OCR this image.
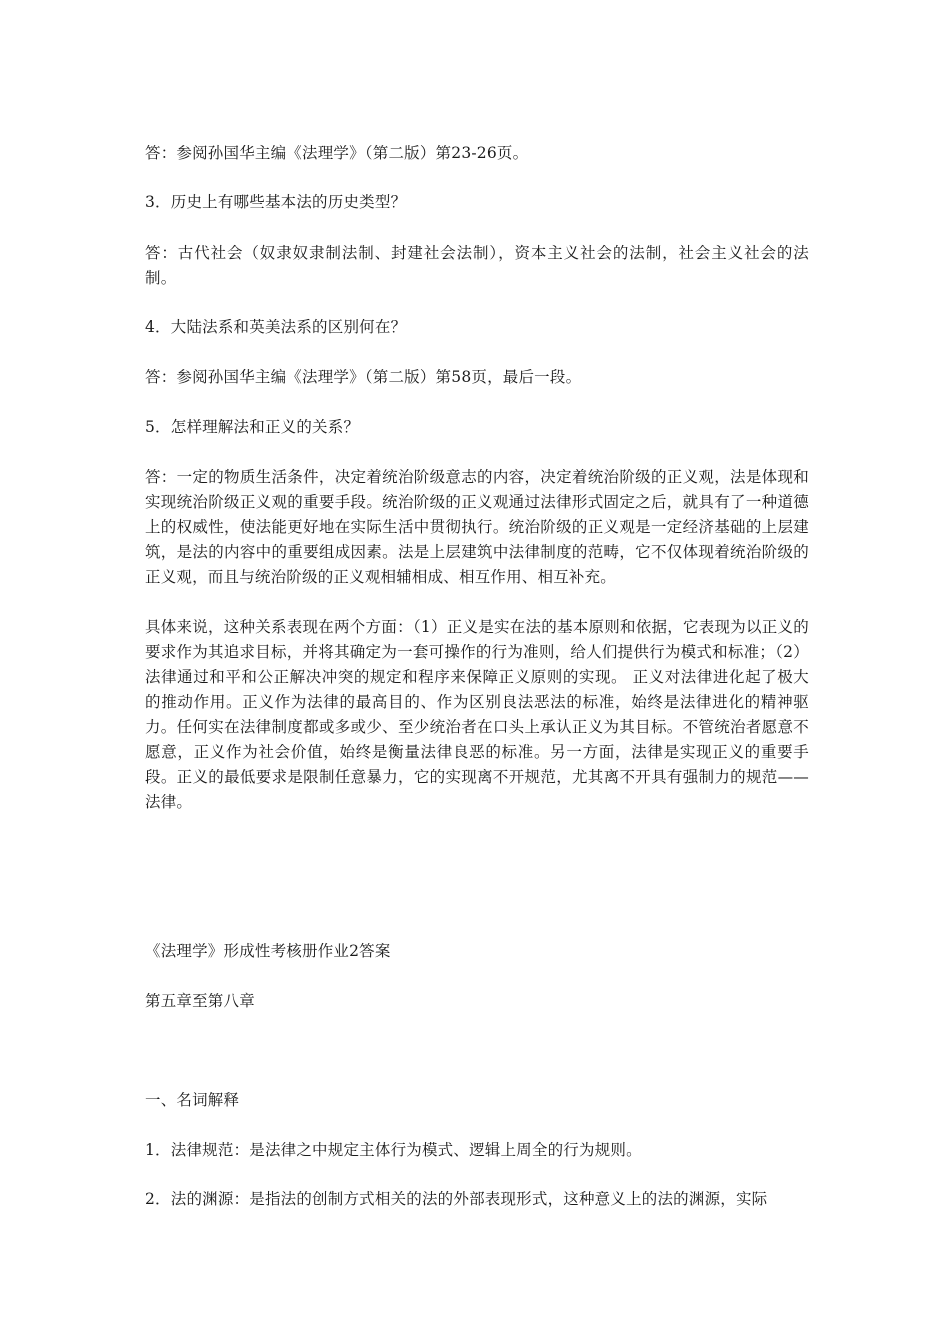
答：参阅孙国华主编《法理学》（第二版）第23-26页。

3．历史上有哪些基本法的历史类型？

答：古代社会（奴隶奴隶制法制、封建社会法制），资本主义社会的法制，社会主义社会的法制。

4．大陆法系和英美法系的区别何在？

答：参阅孙国华主编《法理学》（第二版）第58页，最后一段。

5．怎样理解法和正义的关系？

答：一定的物质生活条件，决定着统治阶级意志的内容，决定着统治阶级的正义观，法是体现和实现统治阶级正义观的重要手段。统治阶级的正义观通过法律形式固定之后，就具有了一种道德上的权威性，使法能更好地在实际生活中贯彻执行。统治阶级的正义观是一定经济基础的上层建筑，是法的内容中的重要组成因素。法是上层建筑中法律制度的范畴，它不仅体现着统治阶级的正义观，而且与统治阶级的正义观相辅相成、相互作用、相互补充。

具体来说，这种关系表现在两个方面：（1）正义是实在法的基本原则和依据，它表现为以正义的要求作为其追求目标，并将其确定为一套可操作的行为准则，给人们提供行为模式和标准；（2）法律通过和平和公正解决冲突的规定和程序来保障正义原则的实现。 正义对法律进化起了极大的推动作用。正义作为法律的最高目的、作为区别良法恶法的标准，始终是法律进化的精神驱力。任何实在法律制度都或多或少、至少统治者在口头上承认正义为其目标。不管统治者愿意不愿意，正义作为社会价值，始终是衡量法律良恶的标准。另一方面，法律是实现正义的重要手段。正义的最低要求是限制任意暴力，它的实现离不开规范，尤其离不开具有强制力的规范——法律。

《法理学》形成性考核册作业2答案

第五章至第八章

一、名词解释

1．法律规范：是法律之中规定主体行为模式、逻辑上周全的行为规则。

2．法的渊源：是指法的创制方式相关的法的外部表现形式，这种意义上的法的渊源，实际
